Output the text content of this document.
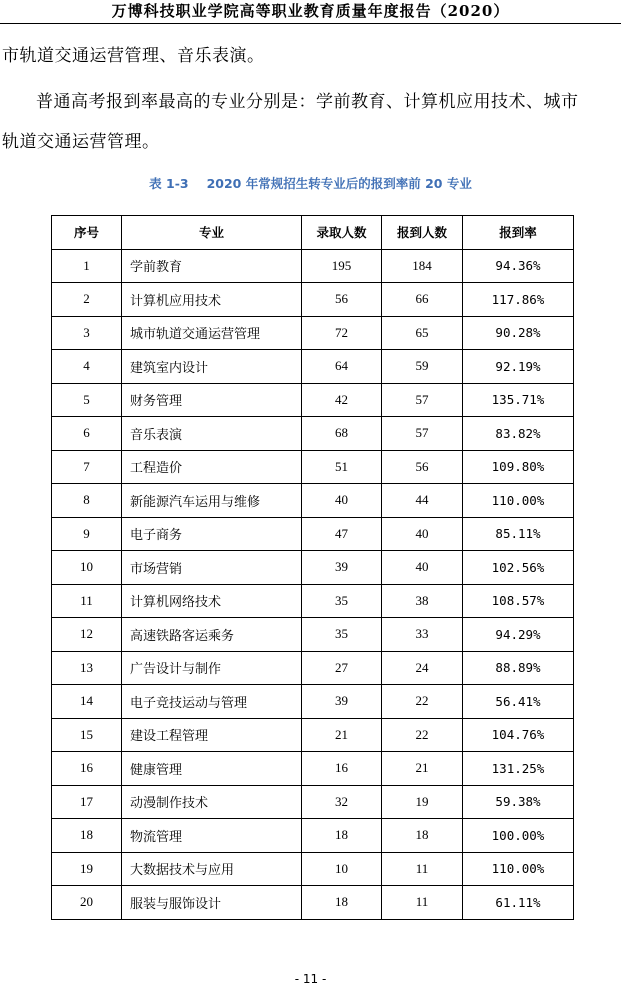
万博科技职业学院高等职业教育质量年度报告（2020）
市轨道交通运营管理、音乐表演。
普通高考报到率最高的专业分别是：学前教育、计算机应用技术、城市
轨道交通运营管理。
表 1-3 2020 年常规招生转专业后的报到率前 20 专业
序号	专业	录取人数	报到人数	报到率
1	学前教育	195	184	94.36%
2	计算机应用技术	56	66	117.86%
3	城市轨道交通运营管理	72	65	90.28%
4	建筑室内设计	64	59	92.19%
5	财务管理	42	57	135.71%
6	音乐表演	68	57	83.82%
7	工程造价	51	56	109.80%
8	新能源汽车运用与维修	40	44	110.00%
9	电子商务	47	40	85.11%
10	市场营销	39	40	102.56%
11	计算机网络技术	35	38	108.57%
12	高速铁路客运乘务	35	33	94.29%
13	广告设计与制作	27	24	88.89%
14	电子竞技运动与管理	39	22	56.41%
15	建设工程管理	21	22	104.76%
16	健康管理	16	21	131.25%
17	动漫制作技术	32	19	59.38%
18	物流管理	18	18	100.00%
19	大数据技术与应用	10	11	110.00%
20	服装与服饰设计	18	11	61.11%
- 11 -
